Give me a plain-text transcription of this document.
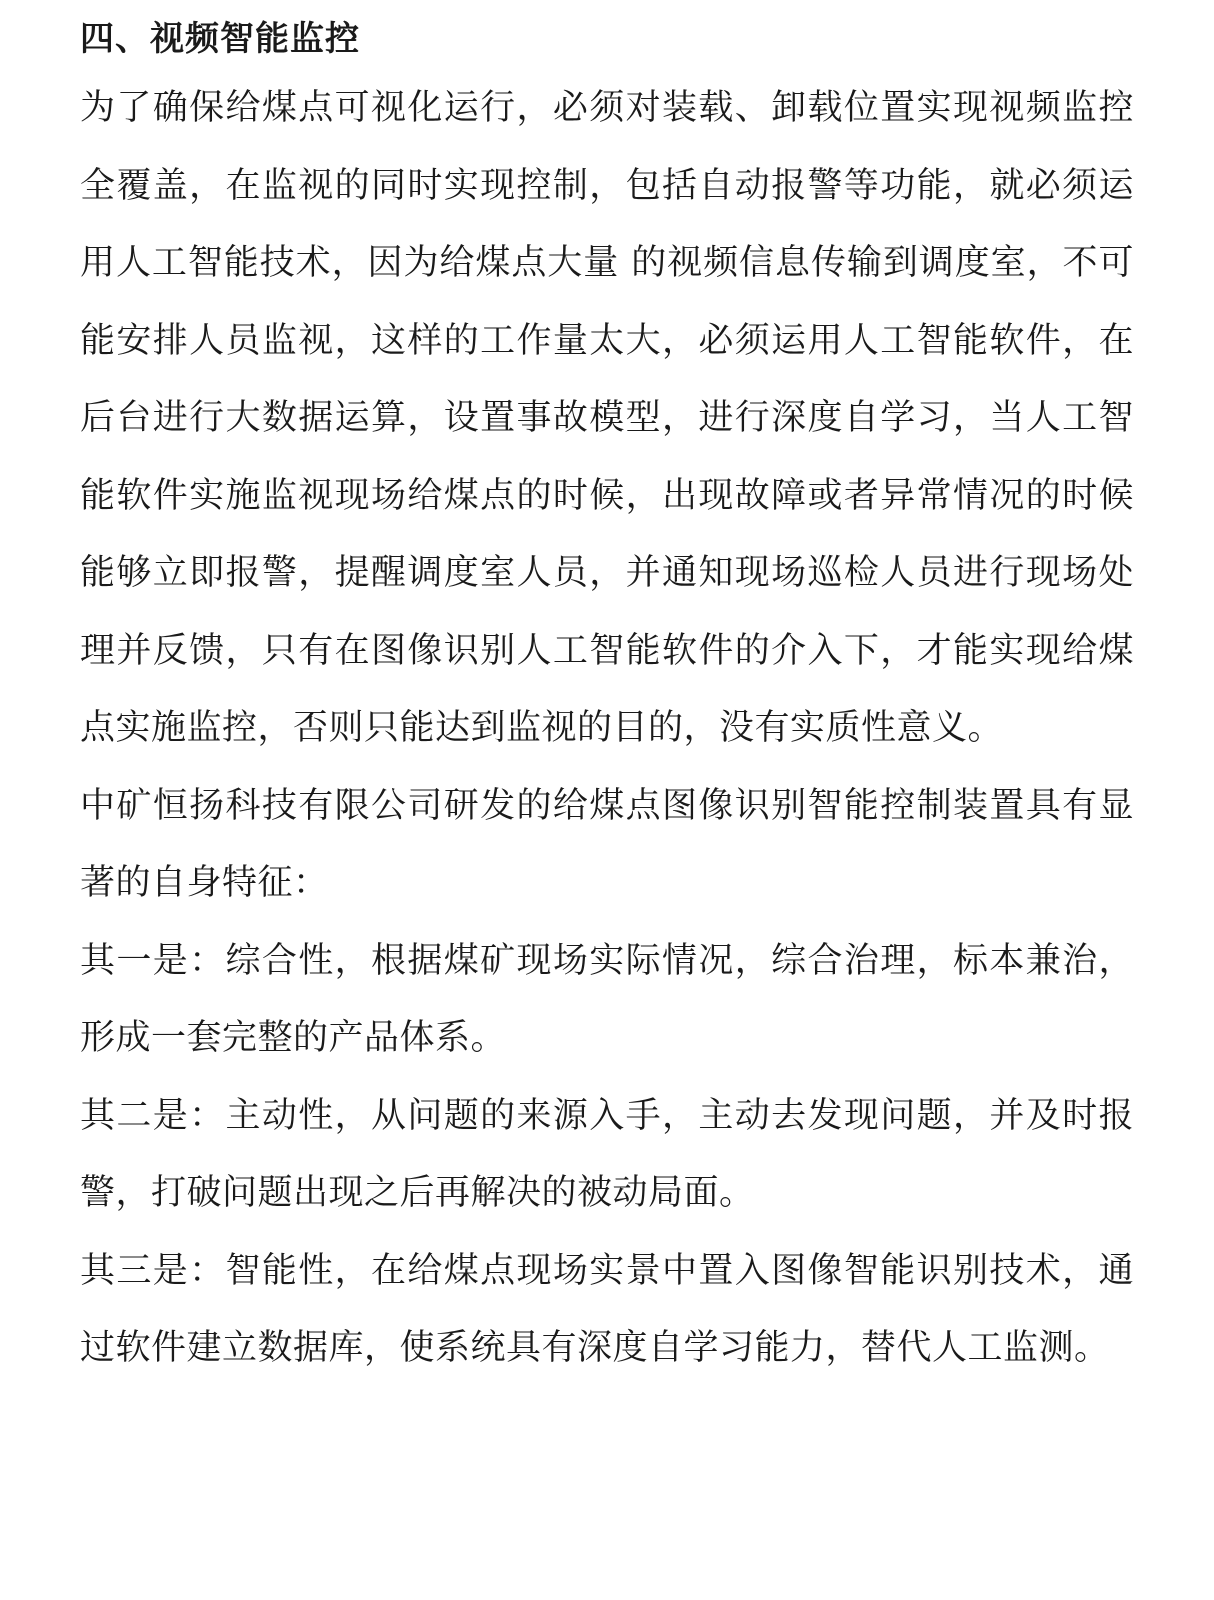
四、视频智能监控

为了确保给煤点可视化运行，必须对装载、卸载位置实现视频监控全覆盖，在监视的同时实现控制，包括自动报警等功能，就必须运用人工智能技术，因为给煤点大量 的视频信息传输到调度室，不可能安排人员监视，这样的工作量太大，必须运用人工智能软件，在后台进行大数据运算，设置事故模型，进行深度自学习，当人工智能软件实施监视现场给煤点的时候，出现故障或者异常情况的时候能够立即报警，提醒调度室人员，并通知现场巡检人员进行现场处理并反馈，只有在图像识别人工智能软件的介入下，才能实现给煤点实施监控，否则只能达到监视的目的，没有实质性意义。

中矿恒扬科技有限公司研发的给煤点图像识别智能控制装置具有显著的自身特征：

其一是：综合性，根据煤矿现场实际情况，综合治理，标本兼治，形成一套完整的产品体系。

其二是：主动性，从问题的来源入手，主动去发现问题，并及时报警，打破问题出现之后再解决的被动局面。

其三是：智能性，在给煤点现场实景中置入图像智能识别技术，通过软件建立数据库，使系统具有深度自学习能力，替代人工监测。
